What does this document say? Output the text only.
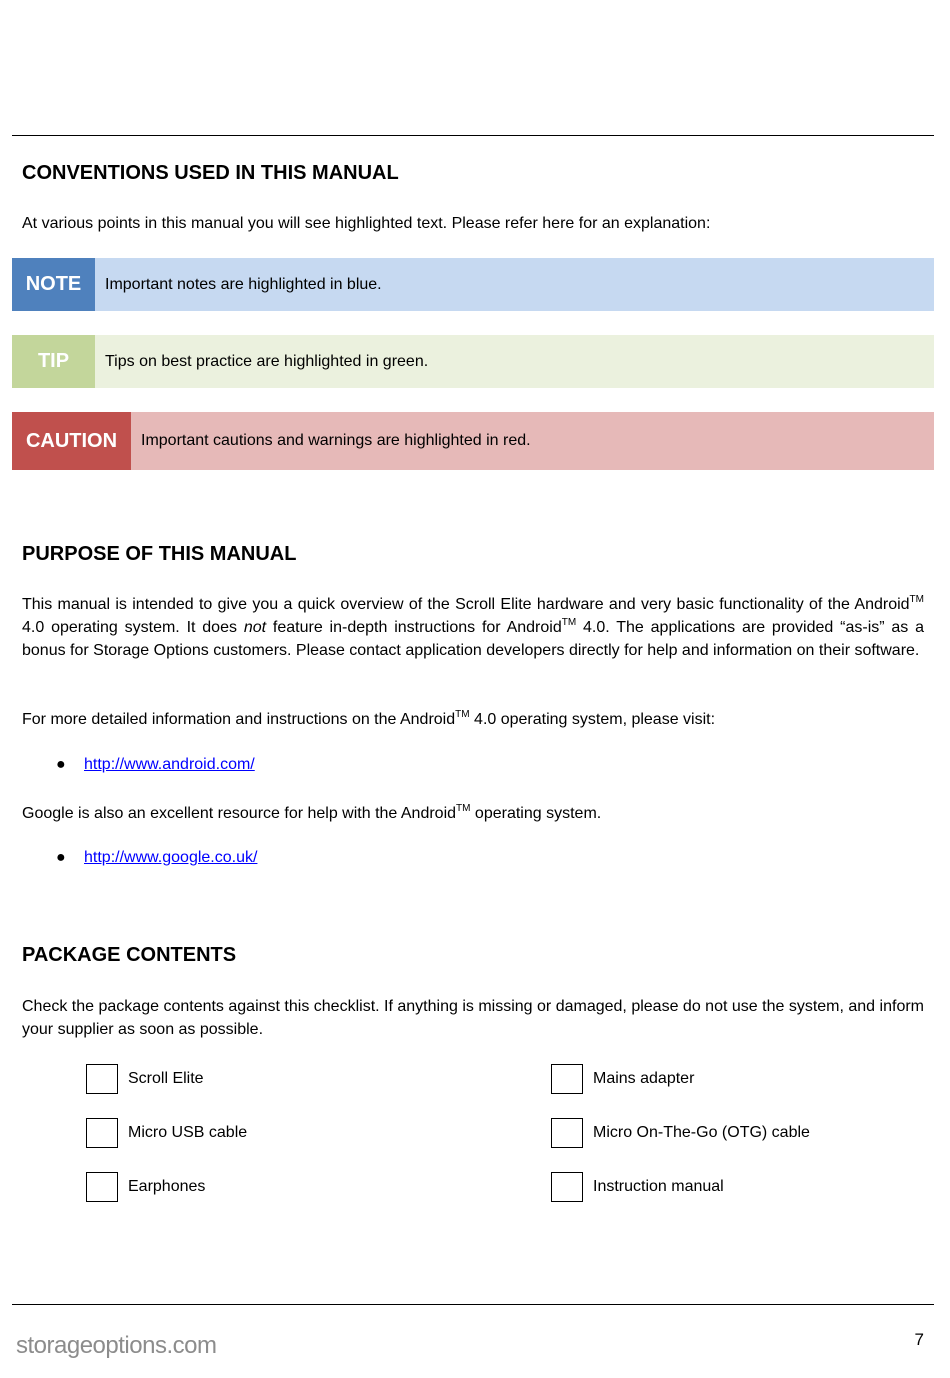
CONVENTIONS USED IN THIS MANUAL

At various points in this manual you will see highlighted text. Please refer here for an explanation:

NOTE	Important notes are highlighted in blue.
TIP	Tips on best practice are highlighted in green.
CAUTION	Important cautions and warnings are highlighted in red.
PURPOSE OF THIS MANUAL

This manual is intended to give you a quick overview of the Scroll Elite hardware and very basic functionality of the Android™ 4.0 operating system. It does not feature in-depth instructions for Android™ 4.0. The applications are provided “as-is” as a bonus for Storage Options customers. Please contact application developers directly for help and information on their software.

For more detailed information and instructions on the Android™ 4.0 operating system, please visit:

● http://www.android.com/

Google is also an excellent resource for help with the Android™ operating system.

● http://www.google.co.uk/
PACKAGE CONTENTS

Check the package contents against this checklist. If anything is missing or damaged, please do not use the system, and inform your supplier as soon as possible.

Scroll Elite	Mains adapter
Micro USB cable	Micro On-The-Go (OTG) cable
Earphones	Instruction manual
storageoptions.com	7
